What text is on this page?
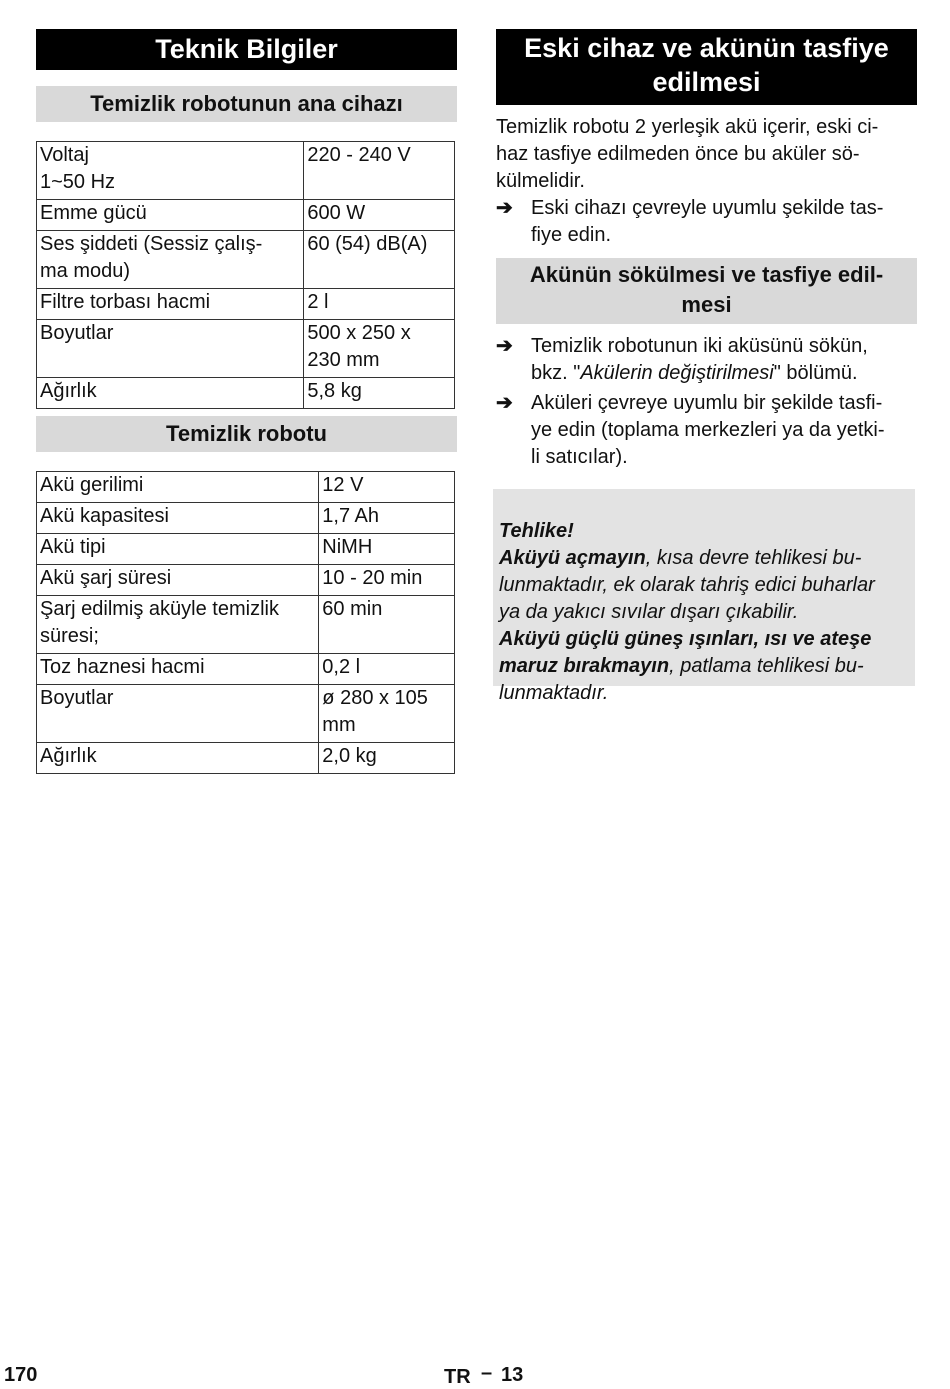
Teknik Bilgiler
Temizlik robotunun ana cihazı
Voltaj
1~50 Hz	220 - 240 V
Emme gücü	600 W
Ses şiddeti (Sessiz çalış-
ma modu)	60 (54) dB(A)
Filtre torbası hacmi	2 l
Boyutlar	500 x 250 x
230 mm
Ağırlık	5,8 kg
Temizlik robotu
Akü gerilimi	12 V
Akü kapasitesi	1,7 Ah
Akü tipi	NiMH
Akü şarj süresi	10 - 20 min
Şarj edilmiş aküyle temizlik
süresi;	60 min
Toz haznesi hacmi	0,2 l
Boyutlar	ø 280 x 105
mm
Ağırlık	2,0 kg
Eski cihaz ve akünün tasfiye edilmesi
Temizlik robotu 2 yerleşik akü içerir, eski ci-
haz tasfiye edilmeden önce bu aküler sö-
külmelidir.
➔ Eski cihazı çevreyle uyumlu şekilde tas-
fiye edin.
Akünün sökülmesi ve tasfiye edil-
mesi
➔ Temizlik robotunun iki aküsünü sökün,
bkz. "Akülerin değiştirilmesi" bölümü.
➔ Aküleri çevreye uyumlu bir şekilde tasfi-
ye edin (toplama merkezleri ya da yetki-
li satıcılar).

Tehlike!
Aküyü açmayın, kısa devre tehlikesi bu-
lunmaktadır, ek olarak tahriş edici buharlar
ya da yakıcı sıvılar dışarı çıkabilir.
Aküyü güçlü güneş ışınları, ısı ve ateşe
maruz bırakmayın, patlama tehlikesi bu-
lunmaktadır.

170	TR – 13
